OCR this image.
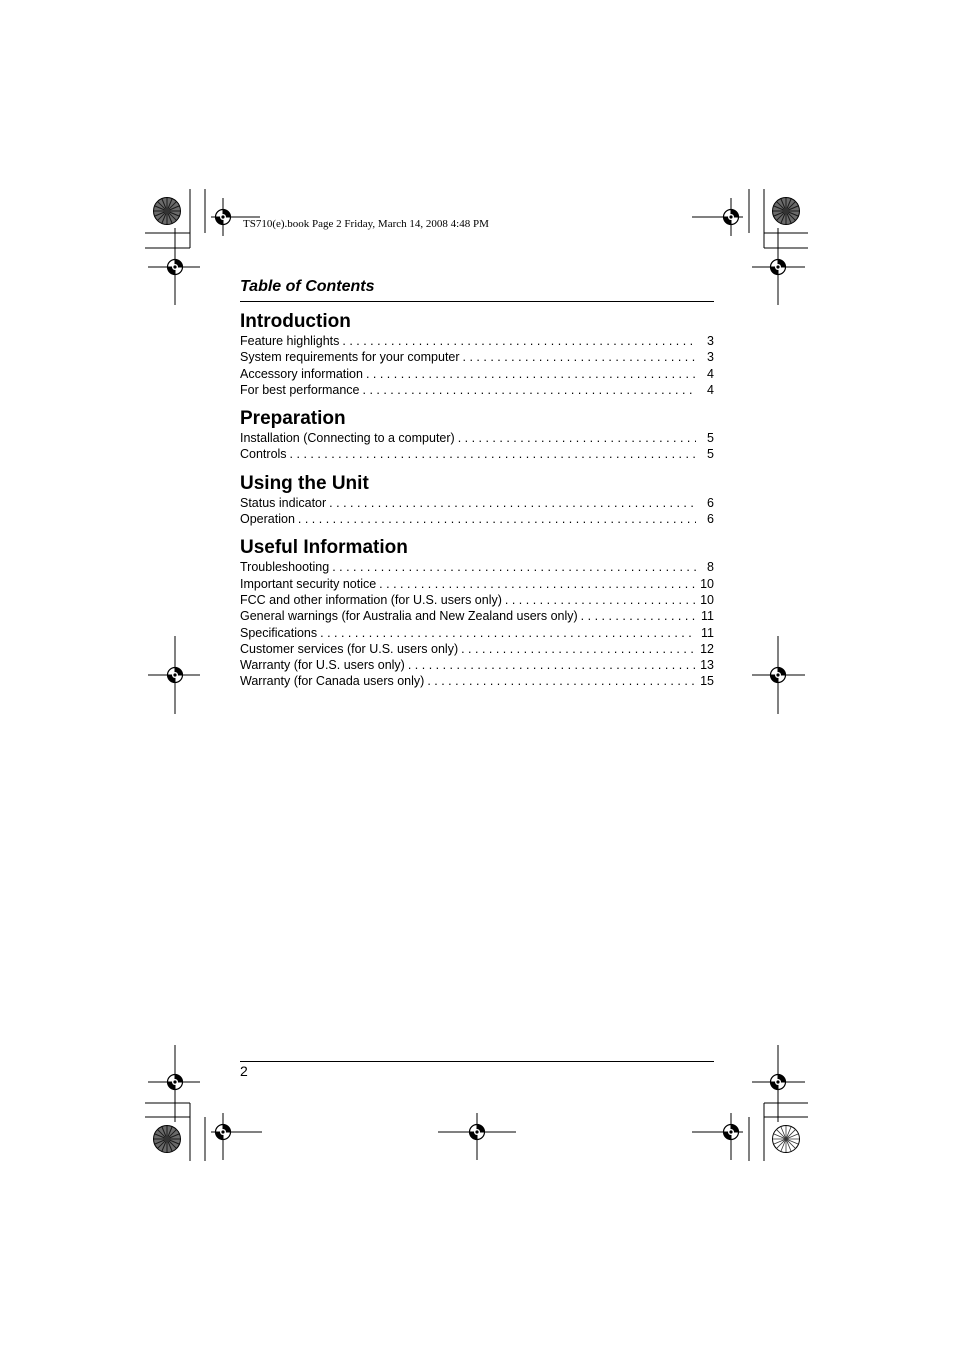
TS710(e).book Page 2 Friday, March 14, 2008 4:48 PM
Table of Contents
Introduction
Feature highlights . . .	3
System requirements for your computer . . .	3
Accessory information . . .	4
For best performance . . .	4
Preparation
Installation (Connecting to a computer) . . .	5
Controls . . .	5
Using the Unit
Status indicator . . .	6
Operation . . .	6
Useful Information
Troubleshooting . . .	8
Important security notice . . .	10
FCC and other information (for U.S. users only) . . .	10
General warnings (for Australia and New Zealand users only) . . .	11
Specifications . . .	11
Customer services (for U.S. users only) . . .	12
Warranty (for U.S. users only) . . .	13
Warranty (for Canada users only) . . .	15
2
